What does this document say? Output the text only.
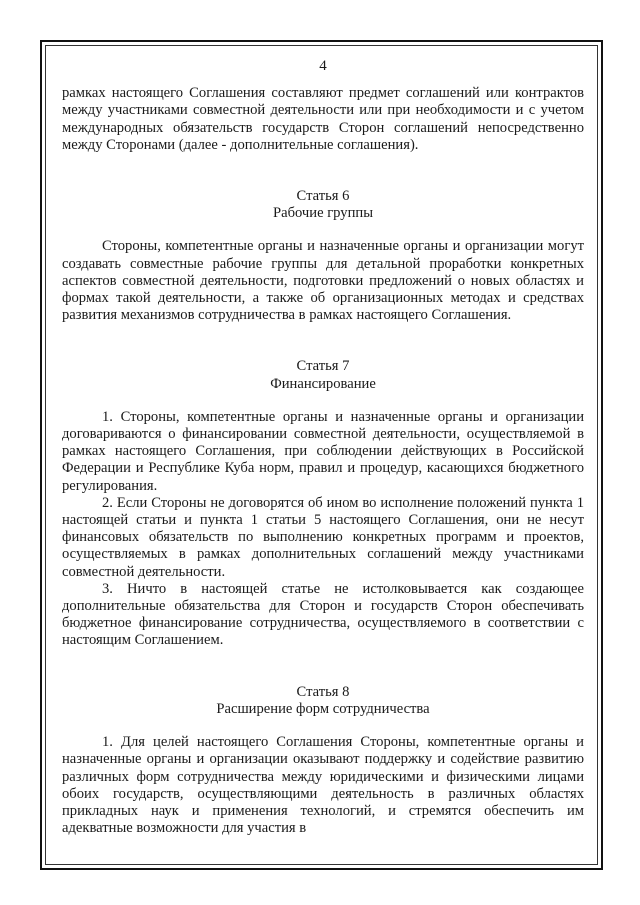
4

рамках настоящего Соглашения составляют предмет соглашений или контрактов между участниками совместной деятельности или при необходимости и с учетом международных обязательств государств Сторон соглашений непосредственно между Сторонами (далее - дополнительные соглашения).

Статья 6
Рабочие группы

Стороны, компетентные органы и назначенные органы и организации могут создавать совместные рабочие группы для детальной проработки конкретных аспектов совместной деятельности, подготовки предложений о новых областях и формах такой деятельности, а также об организационных методах и средствах развития механизмов сотрудничества в рамках настоящего Соглашения.

Статья 7
Финансирование

1. Стороны, компетентные органы и назначенные органы и организации договариваются о финансировании совместной деятельности, осуществляемой в рамках настоящего Соглашения, при соблюдении действующих в Российской Федерации и Республике Куба норм, правил и процедур, касающихся бюджетного регулирования.

2. Если Стороны не договорятся об ином во исполнение положений пункта 1 настоящей статьи и пункта 1 статьи 5 настоящего Соглашения, они не несут финансовых обязательств по выполнению конкретных программ и проектов, осуществляемых в рамках дополнительных соглашений между участниками совместной деятельности.

3. Ничто в настоящей статье не истолковывается как создающее дополнительные обязательства для Сторон и государств Сторон обеспечивать бюджетное финансирование сотрудничества, осуществляемого в соответствии с настоящим Соглашением.

Статья 8
Расширение форм сотрудничества

1. Для целей настоящего Соглашения Стороны, компетентные органы и назначенные органы и организации оказывают поддержку и содействие развитию различных форм сотрудничества между юридическими и физическими лицами обоих государств, осуществляющими деятельность в различных областях прикладных наук и применения технологий, и стремятся обеспечить им адекватные возможности для участия в
